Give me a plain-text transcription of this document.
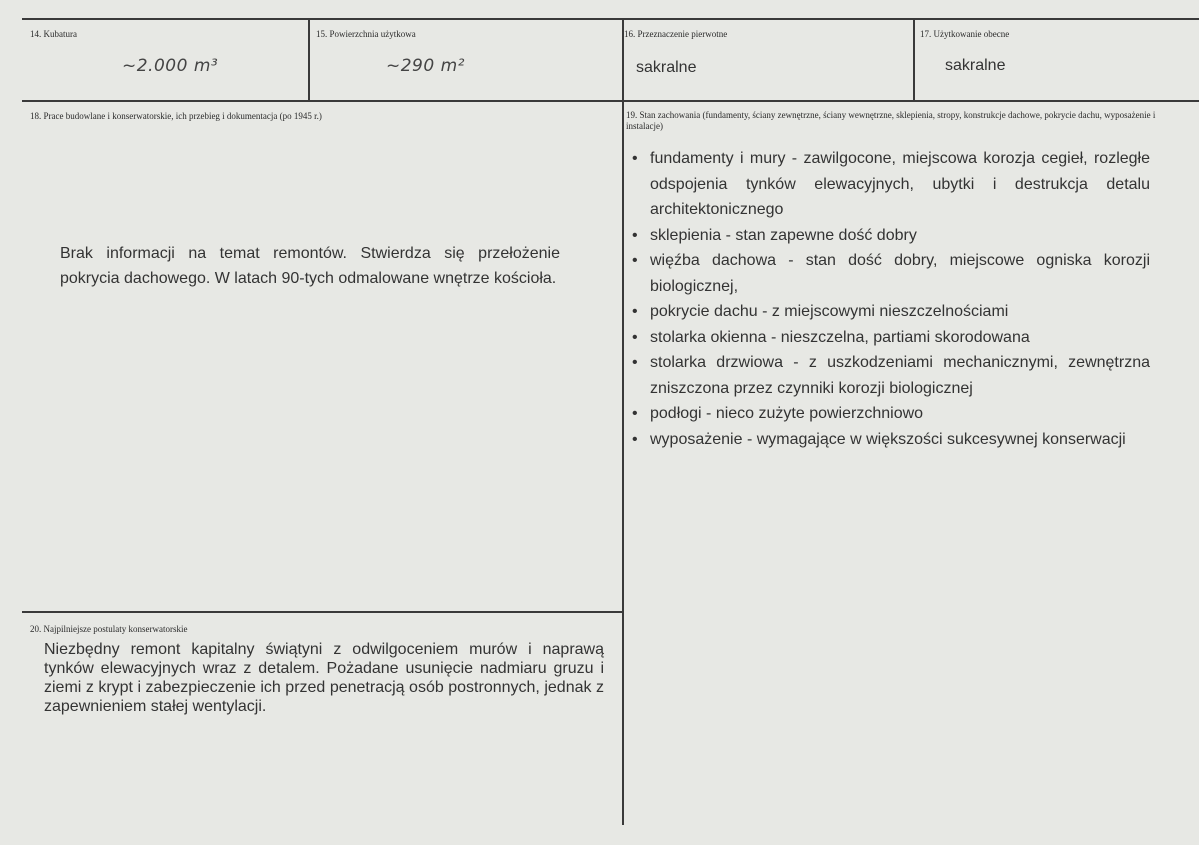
14. Kubatura
~2.000 m³
15. Powierzchnia użytkowa
~290 m²
16. Przeznaczenie pierwotne
sakralne
17. Użytkowanie obecne
sakralne
18. Prace budowlane i konserwatorskie, ich przebieg i dokumentacja (po 1945 r.)
Brak informacji na temat remontów. Stwierdza się przełożenie pokrycia dachowego. W latach 90-tych odmalowane wnętrze kościoła.
19. Stan zachowania (fundamenty, ściany zewnętrzne, ściany wewnętrzne, sklepienia, stropy, konstrukcje dachowe, pokrycie dachu, wyposażenie i instalacje)
• fundamenty i mury - zawilgocone, miejscowa korozja cegieł, rozległe odspojenia tynków elewacyjnych, ubytki i destrukcja detalu architektonicznego
• sklepienia - stan zapewne dość dobry
• więźba dachowa - stan dość dobry, miejscowe ogniska korozji biologicznej,
• pokrycie dachu - z miejscowymi nieszczelnościami
• stolarka okienna - nieszczelna, partiami skorodowana
• stolarka drzwiowa - z uszkodzeniami mechanicznymi, zewnętrzna zniszczona przez czynniki korozji biologicznej
• podłogi - nieco zużyte powierzchniowo
• wyposażenie - wymagające w większości sukcesywnej konserwacji
20. Najpilniejsze postulaty konserwatorskie
Niezbędny remont kapitalny świątyni z odwilgoceniem murów i naprawą tynków elewacyjnych wraz z detalem. Pożadane usunięcie nadmiaru gruzu i ziemi z krypt i zabezpieczenie ich przed penetracją osób postronnych, jednak z zapewnieniem stałej wentylacji.
